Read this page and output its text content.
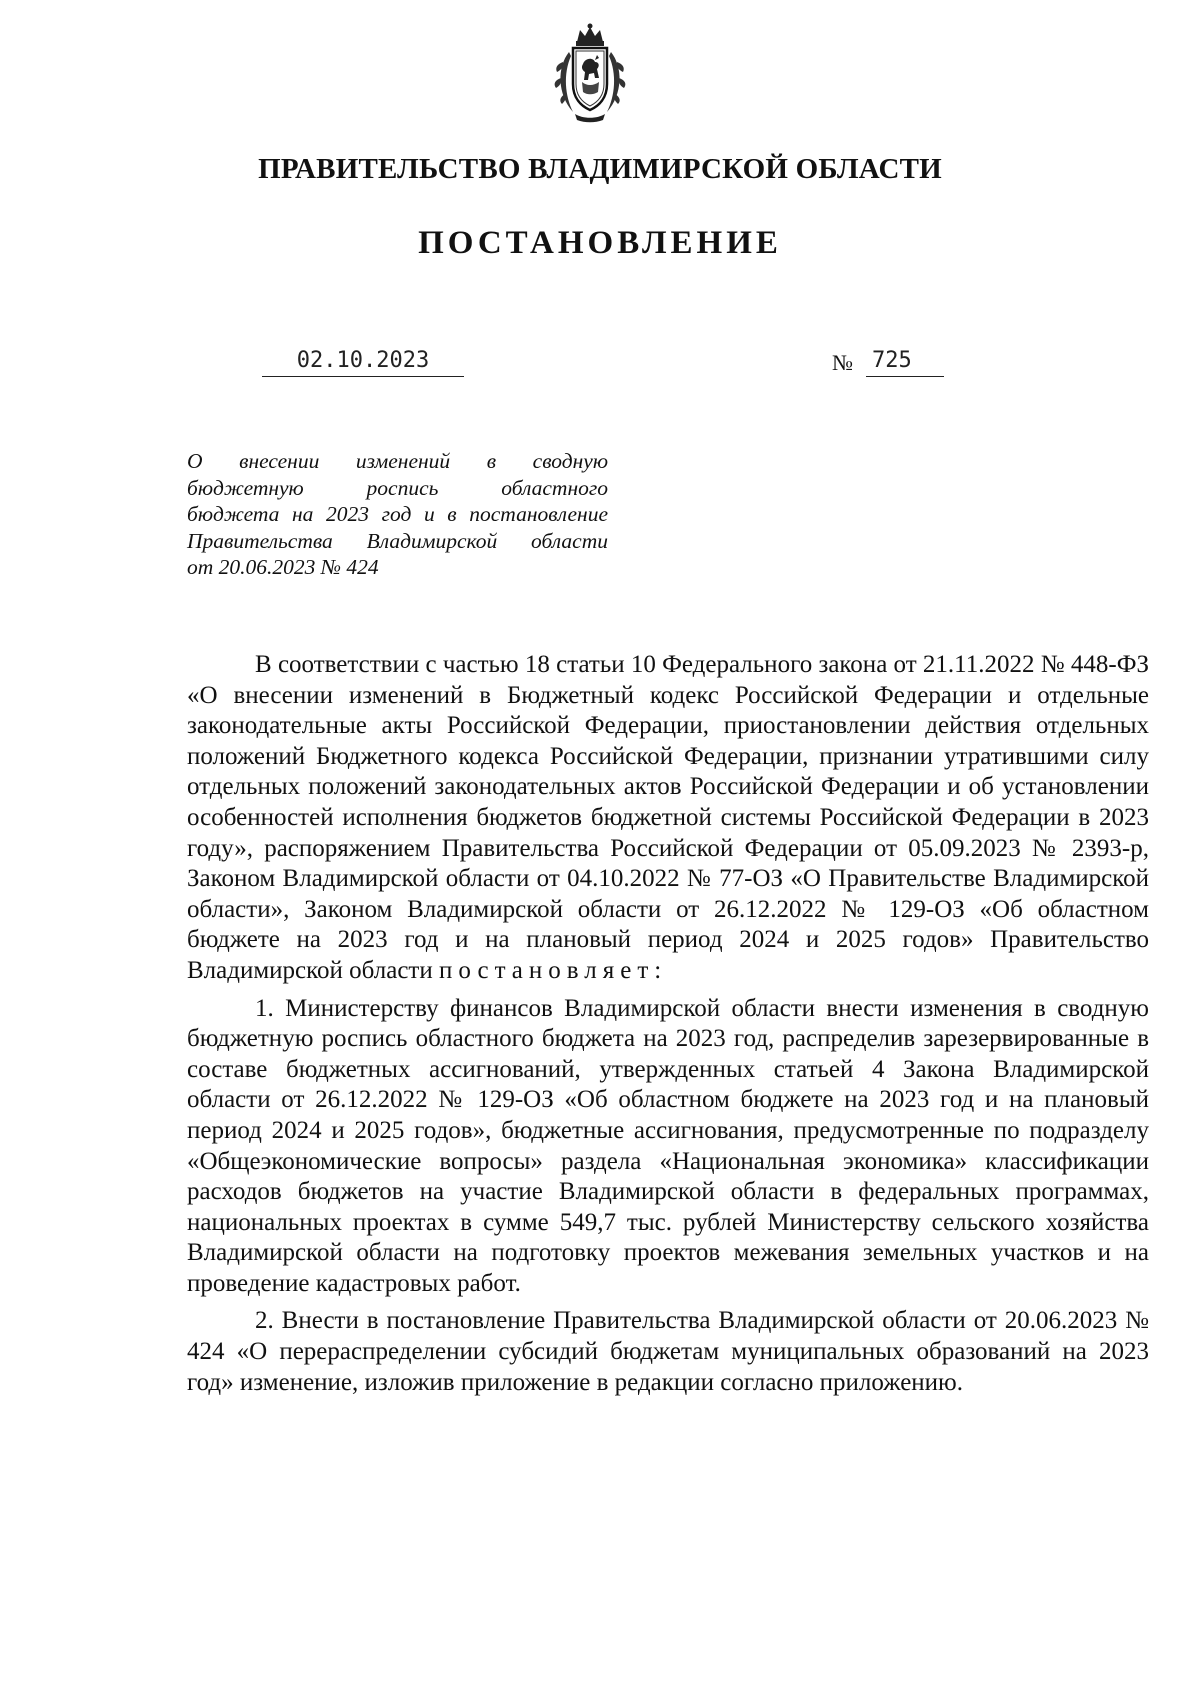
ПРАВИТЕЛЬСТВО ВЛАДИМИРСКОЙ ОБЛАСТИ
ПОСТАНОВЛЕНИЕ
02.10.2023	№ 725
О внесении изменений в сводную
бюджетную роспись областного
бюджета на 2023 год и в постановление
Правительства Владимирской области
от 20.06.2023 № 424

В соответствии с частью 18 статьи 10 Федерального закона от 21.11.2022 № 448-ФЗ «О внесении изменений в Бюджетный кодекс Российской Федерации и отдельные законодательные акты Российской Федерации, приостановлении действия отдельных положений Бюджетного кодекса Российской Федерации, признании утратившими силу отдельных положений законодательных актов Российской Федерации и об установлении особенностей исполнения бюджетов бюджетной системы Российской Федерации в 2023 году», распоряжением Правительства Российской Федерации от 05.09.2023 № 2393-р, Законом Владимирской области от 04.10.2022 № 77-ОЗ «О Правительстве Владимирской области», Законом Владимирской области от 26.12.2022 № 129-ОЗ «Об областном бюджете на 2023 год и на плановый период 2024 и 2025 годов» Правительство Владимирской области постановляет:

1. Министерству финансов Владимирской области внести изменения в сводную бюджетную роспись областного бюджета на 2023 год, распределив зарезервированные в составе бюджетных ассигнований, утвержденных статьей 4 Закона Владимирской области от 26.12.2022 № 129-ОЗ «Об областном бюджете на 2023 год и на плановый период 2024 и 2025 годов», бюджетные ассигнования, предусмотренные по подразделу «Общеэкономические вопросы» раздела «Национальная экономика» классификации расходов бюджетов на участие Владимирской области в федеральных программах, национальных проектах в сумме 549,7 тыс. рублей Министерству сельского хозяйства Владимирской области на подготовку проектов межевания земельных участков и на проведение кадастровых работ.

2. Внести в постановление Правительства Владимирской области от 20.06.2023 № 424 «О перераспределении субсидий бюджетам муниципальных образований на 2023 год» изменение, изложив приложение в редакции согласно приложению.
